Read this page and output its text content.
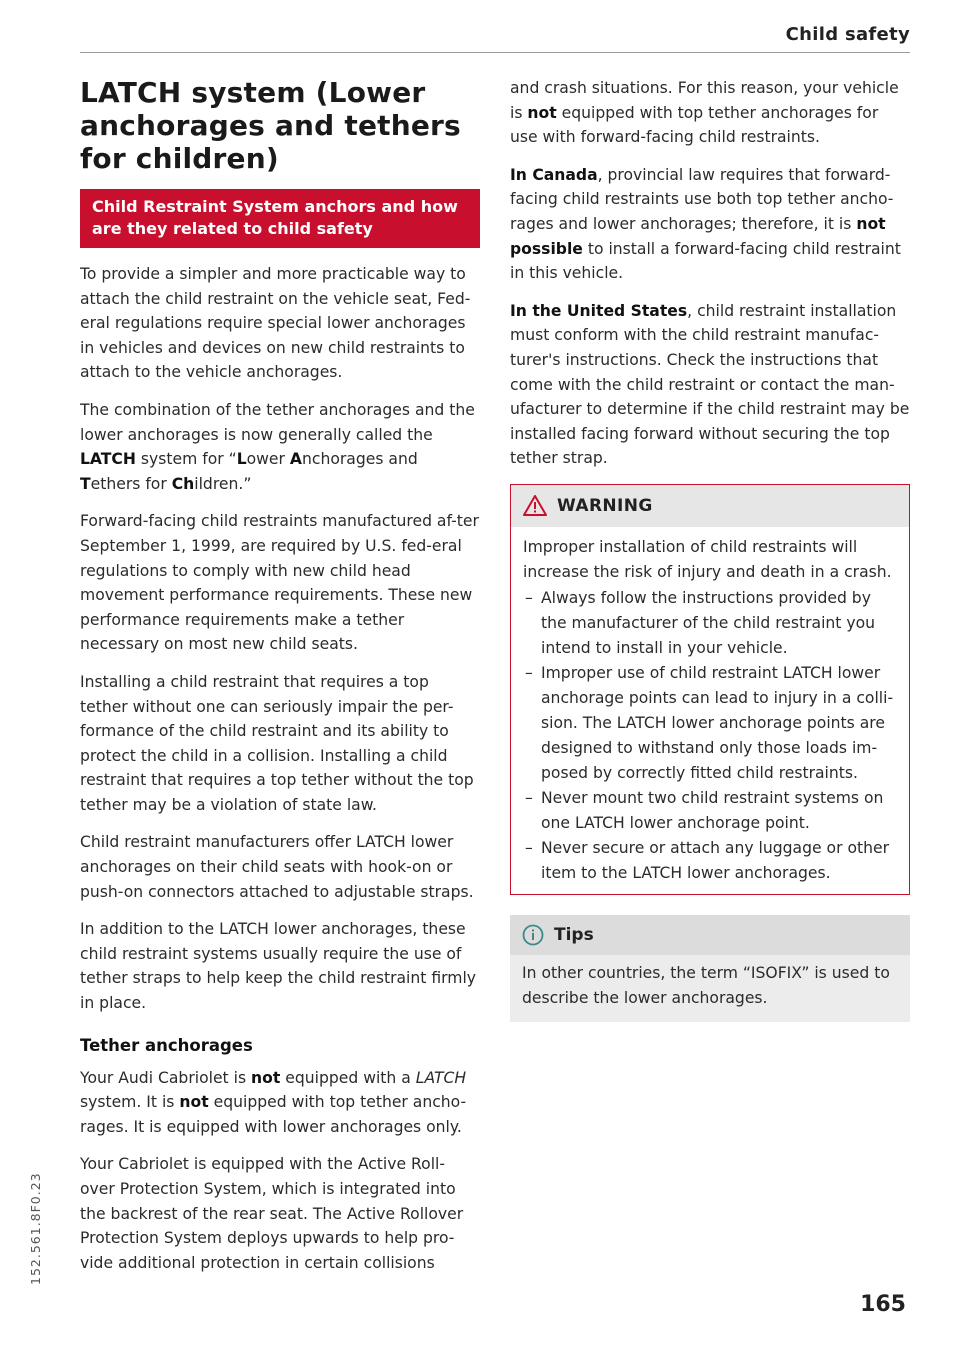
Child safety
LATCH system (Lower anchorages and tethers for children)
Child Restraint System anchors and how are they related to child safety

To provide a simpler and more practicable way to attach the child restraint on the vehicle seat, Fed-eral regulations require special lower anchorages in vehicles and devices on new child restraints to attach to the vehicle anchorages.

The combination of the tether anchorages and the lower anchorages is now generally called the LATCH system for “Lower Anchorages and Tethers for Children.”

Forward-facing child restraints manufactured af-ter September 1, 1999, are required by U.S. fed-eral regulations to comply with new child head movement performance requirements. These new performance requirements make a tether necessary on most new child seats.

Installing a child restraint that requires a top tether without one can seriously impair the per-formance of the child restraint and its ability to protect the child in a collision. Installing a child restraint that requires a top tether without the top tether may be a violation of state law.

Child restraint manufacturers offer LATCH lower anchorages on their child seats with hook-on or push-on connectors attached to adjustable straps.

In addition to the LATCH lower anchorages, these child restraint systems usually require the use of tether straps to help keep the child restraint firmly in place.

Tether anchorages

Your Audi Cabriolet is not equipped with a LATCH system. It is not equipped with top tether ancho-rages. It is equipped with lower anchorages only.

Your Cabriolet is equipped with the Active Roll-over Protection System, which is integrated into the backrest of the rear seat. The Active Rollover Protection System deploys upwards to help pro-vide additional protection in certain collisions

and crash situations. For this reason, your vehicle is not equipped with top tether anchorages for use with forward-facing child restraints.

In Canada, provincial law requires that forward-facing child restraints use both top tether ancho-rages and lower anchorages; therefore, it is not possible to install a forward-facing child restraint in this vehicle.

In the United States, child restraint installation must conform with the child restraint manufac-turer's instructions. Check the instructions that come with the child restraint or contact the man-ufacturer to determine if the child restraint may be installed facing forward without securing the top tether strap.

WARNING

Improper installation of child restraints will increase the risk of injury and death in a crash.

– Always follow the instructions provided by the manufacturer of the child restraint you intend to install in your vehicle.
– Improper use of child restraint LATCH lower anchorage points can lead to injury in a colli-sion. The LATCH lower anchorage points are designed to withstand only those loads im-posed by correctly fitted child restraints.
– Never mount two child restraint systems on one LATCH lower anchorage point.
– Never secure or attach any luggage or other item to the LATCH lower anchorages.
Tips

In other countries, the term “ISOFIX” is used to describe the lower anchorages.

152.561.8F0.23
165
